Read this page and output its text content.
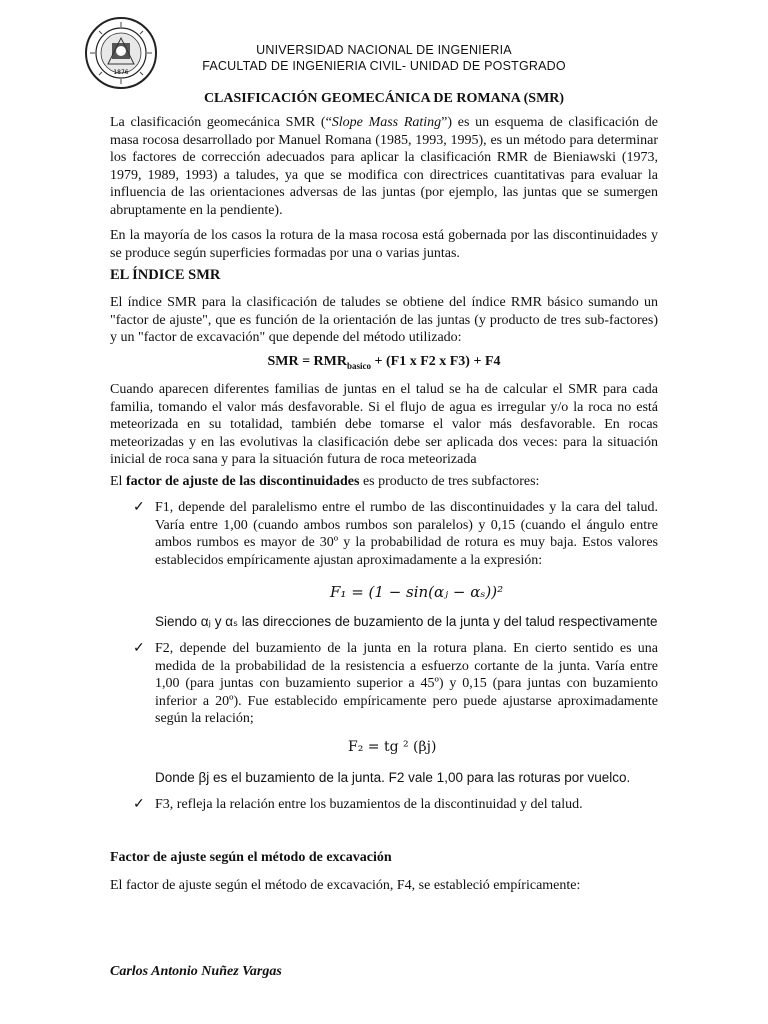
1876
UNIVERSIDAD NACIONAL DE INGENIERIA
FACULTAD DE INGENIERIA CIVIL- UNIDAD DE POSTGRADO
CLASIFICACIÓN GEOMECÁNICA DE ROMANA (SMR)
La clasificación geomecánica SMR (“Slope Mass Rating”) es un esquema de clasificación de masa rocosa desarrollado por Manuel Romana (1985, 1993, 1995), es un método para determinar los factores de corrección adecuados para aplicar la clasificación RMR de Bieniawski (1973, 1979, 1989, 1993) a taludes, ya que se modifica con directrices cuantitativas para evaluar la influencia de las orientaciones adversas de las juntas (por ejemplo, las juntas que se sumergen abruptamente en la pendiente).
En la mayoría de los casos la rotura de la masa rocosa está gobernada por las discontinuidades y se produce según superficies formadas por una o varias juntas.
EL ÍNDICE SMR
El índice SMR para la clasificación de taludes se obtiene del índice RMR básico sumando un "factor de ajuste", que es función de la orientación de las juntas (y producto de tres sub-factores) y un "factor de excavación" que depende del método utilizado:
SMR = $RMR_{basico} + (F1$ x F2 x F3) + F4
Cuando aparecen diferentes familias de juntas en el talud se ha de calcular el SMR para cada familia, tomando el valor más desfavorable. Si el flujo de agua es irregular y/o la roca no está meteorizada en su totalidad, también debe tomarse el valor más desfavorable. En rocas meteorizadas y en las evolutivas la clasificación debe ser aplicada dos veces: para la situación inicial de roca sana y para la situación futura de roca meteorizada
El factor de ajuste de las discontinuidades es producto de tres subfactores:
✓ F1, depende del paralelismo entre el rumbo de las discontinuidades y la cara del talud. Varía entre 1,00 (cuando ambos rumbos son paralelos) y 0,15 (cuando el ángulo entre ambos rumbos es mayor de 30º y la probabilidad de rotura es muy baja. Estos valores establecidos empíricamente ajustan aproximadamente a la expresión:
F₁ = (1 − sin(αⱼ − αₛ))²
Siendo αⱼ y αₛ las direcciones de buzamiento de la junta y del talud respectivamente
✓ F2, depende del buzamiento de la junta en la rotura plana. En cierto sentido es una medida de la probabilidad de la resistencia a esfuerzo cortante de la junta. Varía entre 1,00 (para juntas con buzamiento superior a 45º) y 0,15 (para juntas con buzamiento inferior a 20º). Fue establecido empíricamente pero puede ajustarse aproximadamente según la relación;
F₂ = tg ² (βj)
Donde βj es el buzamiento de la junta. F2 vale 1,00 para las roturas por vuelco.
✓ F3, refleja la relación entre los buzamientos de la discontinuidad y del talud.
Factor de ajuste según el método de excavación
El factor de ajuste según el método de excavación, F4, se estableció empíricamente:
Carlos Antonio Nuñez Vargas
